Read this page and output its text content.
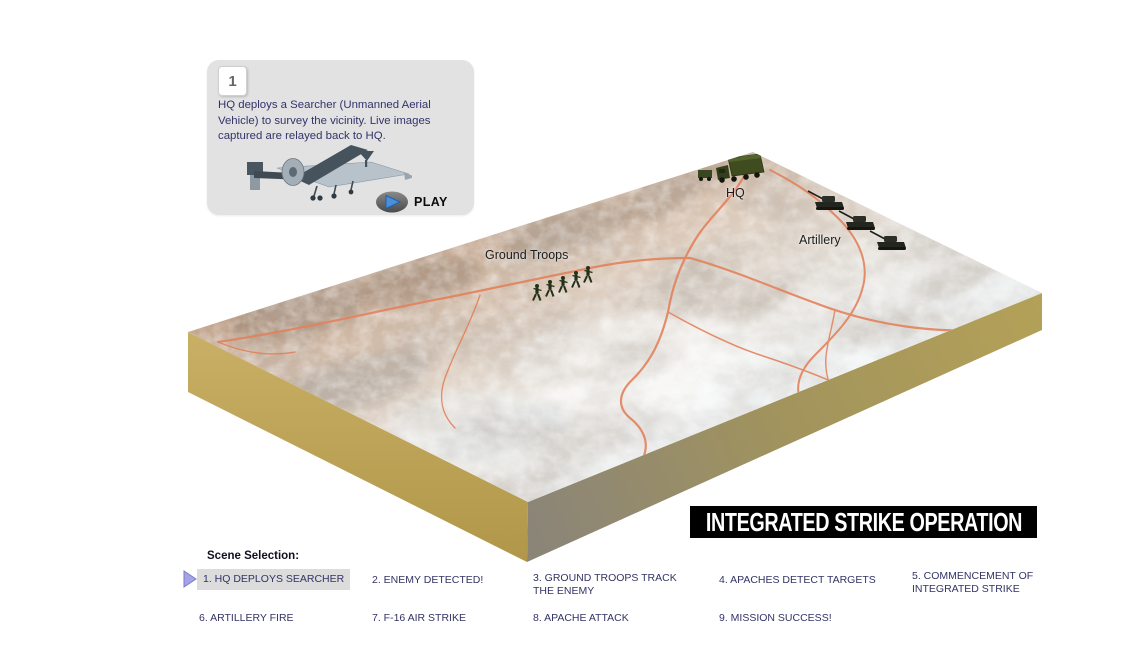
Ground Troops
HQ
Artillery
1
HQ deploys a Searcher (Unmanned Aerial Vehicle) to survey the vicinity. Live images captured are relayed back to HQ.
PLAY
INTEGRATED STRIKE OPERATION
Scene Selection:
1. HQ DEPLOYS SEARCHER	2. ENEMY DETECTED!	3. GROUND TROOPS TRACK THE ENEMY
4. APACHES DETECT TARGETS	5. COMMENCEMENT OF INTEGRATED STRIKE
6. ARTILLERY FIRE	7. F-16 AIR STRIKE	8. APACHE ATTACK	9. MISSION SUCCESS!
